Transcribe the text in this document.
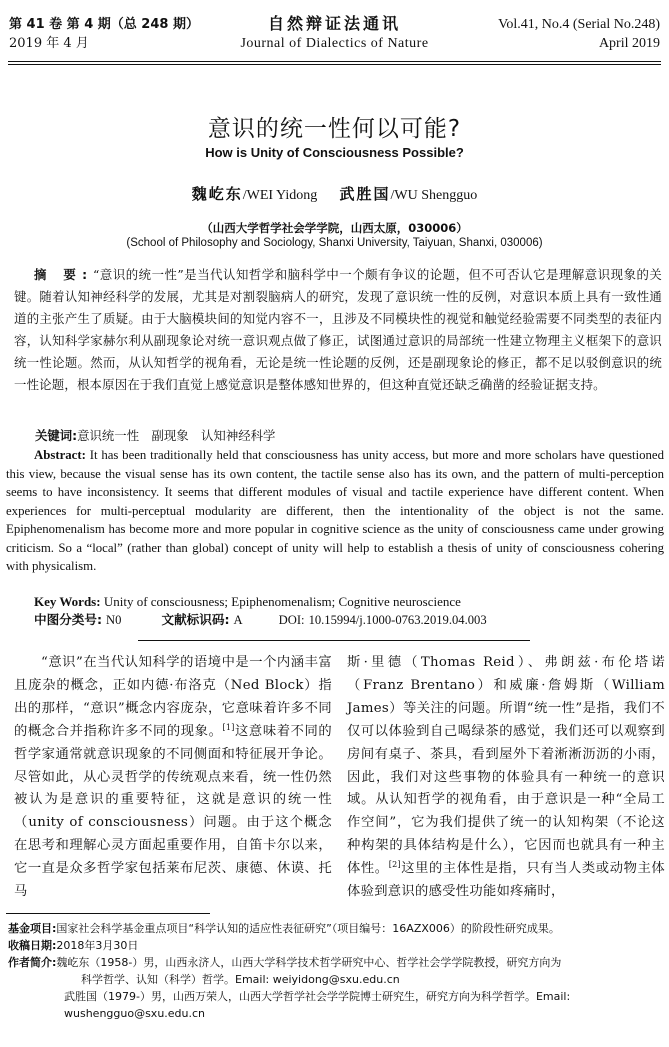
第 41 卷 第 4 期（总 248 期）
2019 年 4 月
自然辩证法通讯
Journal of Dialectics of Nature
Vol.41, No.4 (Serial No.248)
April 2019
意识的统一性何以可能?
How is Unity of Consciousness Possible?
魏屹东/WEI Yidong 武胜国/WU Shengguo
（山西大学哲学社会学学院，山西太原，030006）
(School of Philosophy and Sociology, Shanxi University, Taiyuan, Shanxi, 030006)
摘 要:“意识的统一性”是当代认知哲学和脑科学中一个颇有争议的论题，但不可否认它是理解意识现象的关键。随着认知神经科学的发展，尤其是对割裂脑病人的研究，发现了意识统一性的反例，对意识本质上具有一致性通道的主张产生了质疑。由于大脑模块间的知觉内容不一，且涉及不同模块性的视觉和触觉经验需要不同类型的表征内容，认知科学家赫尔利从副现象论对统一意识观点做了修正，试图通过意识的局部统一性建立物理主义框架下的意识统一性论题。然而，从认知哲学的视角看，无论是统一性论题的反例，还是副现象论的修正，都不足以驳倒意识的统一性论题，根本原因在于我们直觉上感觉意识是整体感知世界的，但这种直觉还缺乏确凿的经验证据支持。
关键词:意识统一性　副现象　认知神经科学
Abstract: It has been traditionally held that consciousness has unity access, but more and more scholars have questioned this view, because the visual sense has its own content, the tactile sense also has its own, and the pattern of multi-perception seems to have inconsistency. It seems that different modules of visual and tactile experience have different content. When experiences for multi-perceptual modularity are different, then the intentionality of the object is not the same. Epiphenomenalism has become more and more popular in cognitive science as the unity of consciousness came under growing criticism. So a “local” (rather than global) concept of unity will help to establish a thesis of unity of consciousness cohering with physicalism.
Key Words: Unity of consciousness; Epiphenomenalism; Cognitive neuroscience
中图分类号: N0	文献标识码: A	DOI: 10.15994/j.1000-0763.2019.04.003

“意识”在当代认知科学的语境中是一个内涵丰富且庞杂的概念，正如内德·布洛克（Ned Block）指出的那样，“意识”概念内容庞杂，它意味着许多不同的概念合并指称许多不同的现象。[1]这意味着不同的哲学家通常就意识现象的不同侧面和特征展开争论。尽管如此，从心灵哲学的传统观点来看，统一性仍然被认为是意识的重要特征，这就是意识的统一性（unity of consciousness）问题。由于这个概念在思考和理解心灵方面起重要作用，自笛卡尔以来，它一直是众多哲学家包括莱布尼茨、康德、休谟、托马

斯·里德（Thomas Reid）、弗朗兹·布伦塔诺（Franz Brentano）和威廉·詹姆斯（William James）等关注的问题。所谓“统一性”是指，我们不仅可以体验到自己喝绿茶的感觉，我们还可以观察到房间有桌子、茶具，看到屋外下着淅淅沥沥的小雨，因此，我们对这些事物的体验具有一种统一的意识域。从认知哲学的视角看，由于意识是一种“全局工作空间”，它为我们提供了统一的认知构架（不论这种构架的具体结构是什么），它因而也就具有一种主体性。[2]这里的主体性是指，只有当人类或动物主体体验到意识的感受性功能如疼痛时，

基金项目:国家社会科学基金重点项目“科学认知的适应性表征研究”（项目编号：16AZX006）的阶段性研究成果。
收稿日期:2018年3月30日
作者简介:魏屹东（1958-）男，山西永济人，山西大学科学技术哲学研究中心、哲学社会学学院教授，研究方向为
科学哲学、认知（科学）哲学。Email: weiyidong@sxu.edu.cn
武胜国（1979-）男，山西万荣人，山西大学哲学社会学学院博士研究生，研究方向为科学哲学。Email:
wushengguo@sxu.edu.cn
